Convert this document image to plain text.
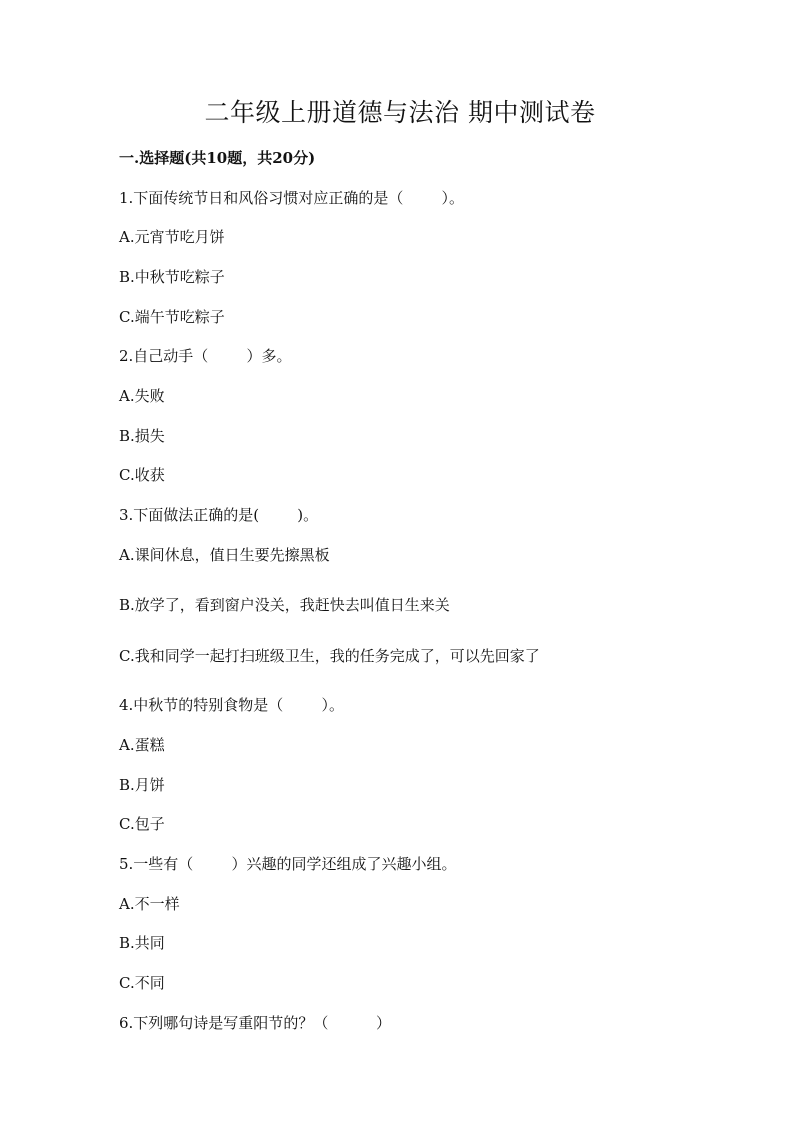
二年级上册道德与法治 期中测试卷
一.选择题(共10题，共20分)
1.下面传统节日和风俗习惯对应正确的是（        ）。
A.元宵节吃月饼
B.中秋节吃粽子
C.端午节吃粽子
2.自己动手（        ）多。
A.失败
B.损失
C.收获
3.下面做法正确的是(        )。
A.课间休息，值日生要先擦黑板
B.放学了，看到窗户没关，我赶快去叫值日生来关
C.我和同学一起打扫班级卫生，我的任务完成了，可以先回家了
4.中秋节的特别食物是（        ）。
A.蛋糕
B.月饼
C.包子
5.一些有（        ）兴趣的同学还组成了兴趣小组。
A.不一样
B.共同
C.不同
6.下列哪句诗是写重阳节的？（          ）
